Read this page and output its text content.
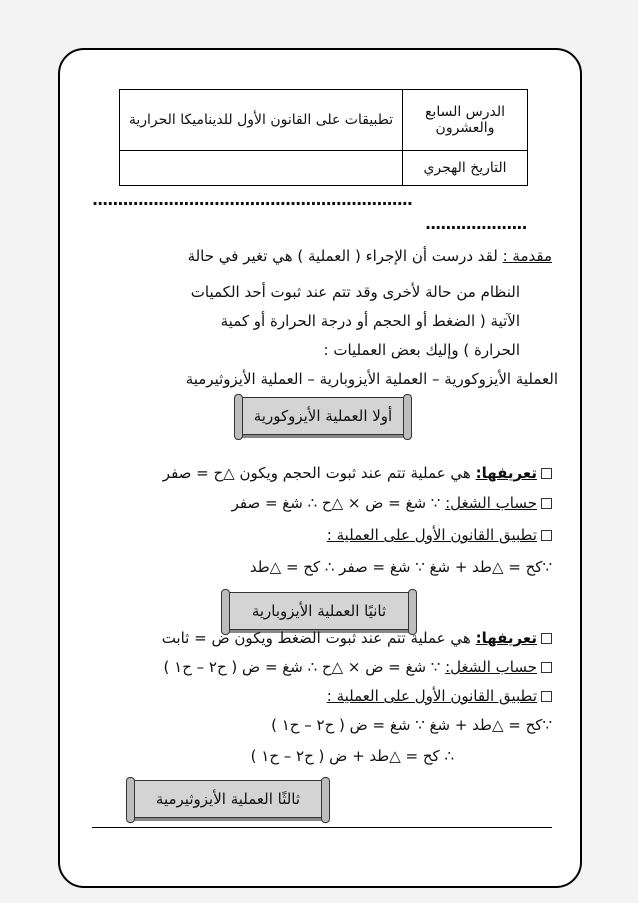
الدرس السابع والعشرون	تطبيقات على القانون الأول للديناميكا الحرارية
التاريخ الهجري	
...............................................................
....................
مقدمة : لقد درست أن الإجراء ( العملية ) هي تغير في حالة
النظام من حالة لأخرى وقد تتم عند ثبوت أحد الكميات
الآتية ( الضغط أو الحجم أو درجة الحرارة أو كمية
الحرارة ) وإليك بعض العمليات :
العملية الأيزوكورية – العملية الأيزوبارية – العملية الأيزوثيرمية
أولا العملية الأيزوكورية
تعريفها: هي عملية تتم عند ثبوت الحجم ويكون △ح = صفر
حساب الشغل: ∵ شغ = ض × △ح ∴ شغ = صفر
تطبيق القانون الأول على العملية :
∵كح = △طد + شغ ∵ شغ = صفر ∴ كح = △طد
ثانيًا العملية الأيزوبارية
تعريفها: هي عملية تتم عند ثبوت الضغط ويكون ض = ثابت
حساب الشغل: ∵ شغ = ض × △ح ∴ شغ = ض ( ح٢ – ح١ )
تطبيق القانون الأول على العملية :
∵كح = △طد + شغ ∵ شغ = ض ( ح٢ – ح١ )
∴ كح = △طد + ض ( ح٢ – ح١ )
ثالثًا العملية الأيزوثيرمية
